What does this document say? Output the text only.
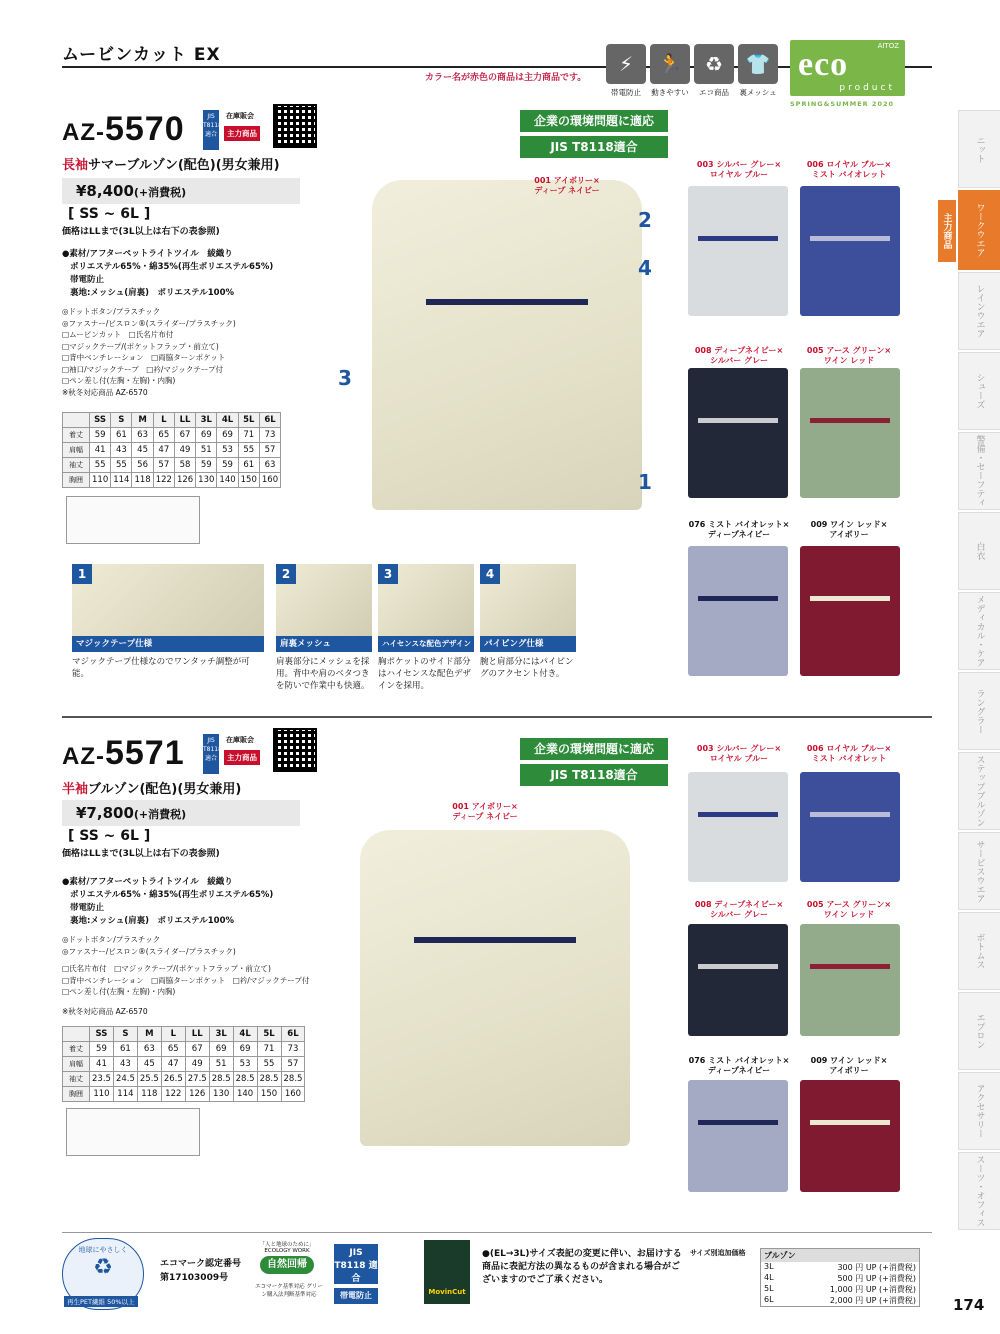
ムービンカット EX
カラー名が赤色の商品は主力商品です。
⚡
帯電防止
🏃
動きやすい
♻
エコ商品
👕
裏メッシュ
AITOZ
eco
product
SPRING&SUMMER 2020
AZ-5570	JIS T8118 適合
在庫販会
主力商品
長袖サマーブルゾン(配色)(男女兼用)
¥8,400(+消費税)
[ SS ~ 6L ]
価格はLLまで(3L以上は右下の表参照)
●素材/アフターペットライトツイル　綾織り
ポリエステル65%・綿35%(再生ポリエステル65%)
帯電防止
裏地:メッシュ(肩裏)　ポリエステル100%
◎ドットボタン/プラスチック
◎ファスナー/ビスロン®(スライダー/プラスチック)
□ムービンカット　□氏名片布付
□マジックテープ/(ポケットフラップ・前立て)
□背中ベンチレーション　□両脇ターンポケット
□袖口/マジックテープ　□衿/マジックテープ付
□ペン差し付(左胸・左胸)・内胸)
※秋冬対応商品 AZ-6570
	SS	S	M	L	LL	3L	4L	5L	6L
着丈	59	61	63	65	67	69	69	71	73
肩幅	41	43	45	47	49	51	53	55	57
袖丈	55	55	56	57	58	59	59	61	63
胸囲	110	114	118	122	126	130	140	150	160
001 アイボリー×
ディープ ネイビー
2
4
3
1
企業の環境問題に適応
JIS T8118適合
003 シルバー グレー×
ロイヤル ブルー
006 ロイヤル ブルー×
ミスト バイオレット
008 ディープネイビー×
シルバー グレー
005 アース グリーン×
ワイン レッド
076 ミスト バイオレット×
ディープネイビー
009 ワイン レッド×
アイボリー
1
マジックテープ仕様
マジックテープ仕様なのでワンタッチ調整が可能。
2
肩裏メッシュ
肩裏部分にメッシュを採用。背中や肩のベタつきを防いで作業中も快適。
3
ハイセンスな配色デザイン
胸ポケットのサイド部分はハイセンスな配色デザインを採用。
4
パイピング仕様
腕と肩部分にはパイピングのアクセント付き。
AZ-5571	JIS T8118 適合
在庫販会
主力商品
半袖ブルゾン(配色)(男女兼用)
¥7,800(+消費税)
[ SS ~ 6L ]
価格はLLまで(3L以上は右下の表参照)
●素材/アフターペットライトツイル　綾織り
ポリエステル65%・綿35%(再生ポリエステル65%)
帯電防止
裏地:メッシュ(肩裏)　ポリエステル100%
◎ドットボタン/プラスチック
◎ファスナー/ビスロン®(スライダー/プラスチック)
□氏名片布付　□マジックテープ/(ポケットフラップ・前立て)
□背中ベンチレーション　□両脇ターンポケット　□衿/マジックテープ付
□ペン差し付(左胸・左胸)・内胸)
※秋冬対応商品 AZ-6570
	SS	S	M	L	LL	3L	4L	5L	6L
着丈	59	61	63	65	67	69	69	71	73
肩幅	41	43	45	47	49	51	53	55	57
袖丈	23.5	24.5	25.5	26.5	27.5	28.5	28.5	28.5	28.5
胸囲	110	114	118	122	126	130	140	150	160
001 アイボリー×
ディープ ネイビー
企業の環境問題に適応
JIS T8118適合
003 シルバー グレー×
ロイヤル ブルー
006 ロイヤル ブルー×
ミスト バイオレット
008 ディープネイビー×
シルバー グレー
005 アース グリーン×
ワイン レッド
076 ミスト バイオレット×
ディープネイビー
009 ワイン レッド×
アイボリー
地球にやさしく
♻
再生PET繊維 50%以上
エコマーク認定番号
第17103009号
「人と地球のために」 ECOLOGY WORK
自然回帰
エコマーク基準対応 グリーン購入法判断基準対応
JIS T8118 適合
帯電防止	MovinCut
●(EL→3L)サイズ表記の変更に伴い、お届けする商品に表記方法の異なるものが含まれる場合がございますのでご了承ください。
サイズ別追加価格	ブルゾン
3L	300 円 UP (+消費税)
4L	500 円 UP (+消費税)
5L	1,000 円 UP (+消費税)
6L	2,000 円 UP (+消費税) 174
主力商品
ニット
ワークウエア
レインウエア
シューズ
警備・セーフティ
白衣
メディカル・ケア
ラングラー
ステップブルゾン
サービスウエア
ボトムス
エプロン
アクセサリー
スーツ・オフィス
